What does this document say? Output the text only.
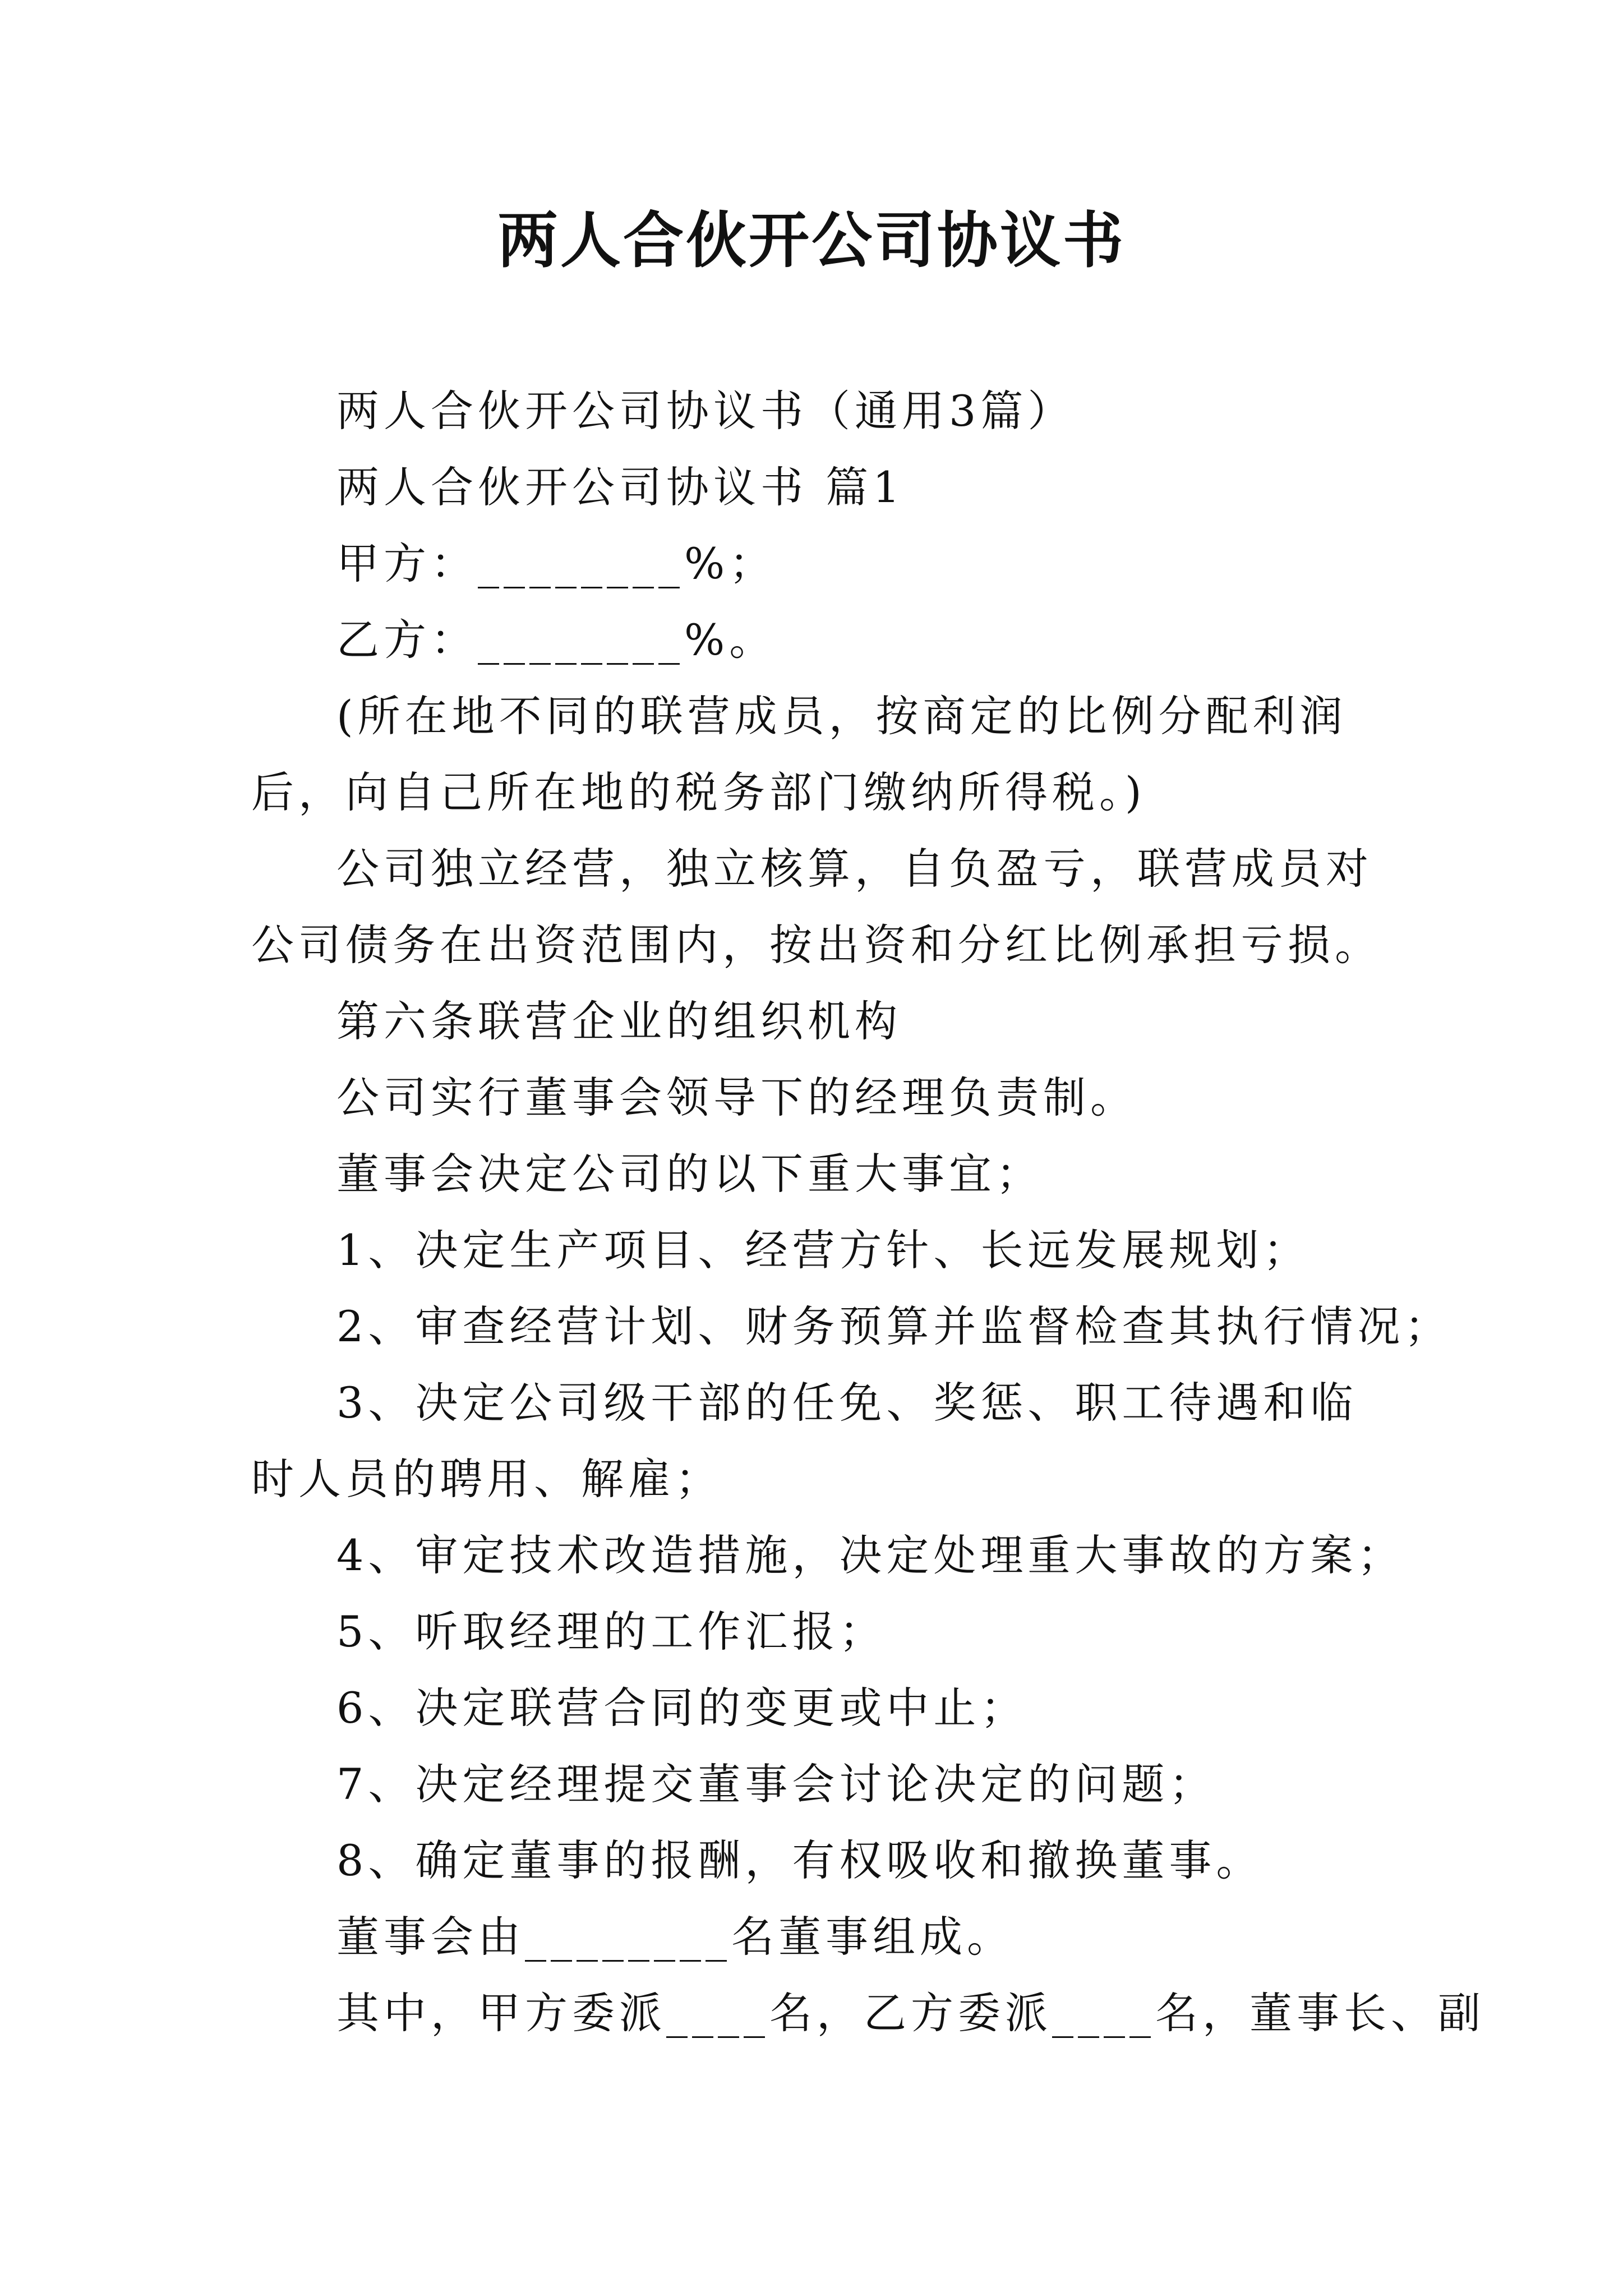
两人合伙开公司协议书

两人合伙开公司协议书（通用3篇）

两人合伙开公司协议书 篇1

甲方：________%；

乙方：________%。

(所在地不同的联营成员，按商定的比例分配利润后，向自己所在地的税务部门缴纳所得税。)

公司独立经营，独立核算，自负盈亏，联营成员对公司债务在出资范围内，按出资和分红比例承担亏损。

第六条联营企业的组织机构

公司实行董事会领导下的经理负责制。

董事会决定公司的以下重大事宜；

1、决定生产项目、经营方针、长远发展规划；

2、审查经营计划、财务预算并监督检查其执行情况；

3、决定公司级干部的任免、奖惩、职工待遇和临时人员的聘用、解雇；

4、审定技术改造措施，决定处理重大事故的方案；

5、听取经理的工作汇报；

6、决定联营合同的变更或中止；

7、决定经理提交董事会讨论决定的问题；

8、确定董事的报酬，有权吸收和撤换董事。

董事会由________名董事组成。

其中，甲方委派____名，乙方委派____名，董事长、副
